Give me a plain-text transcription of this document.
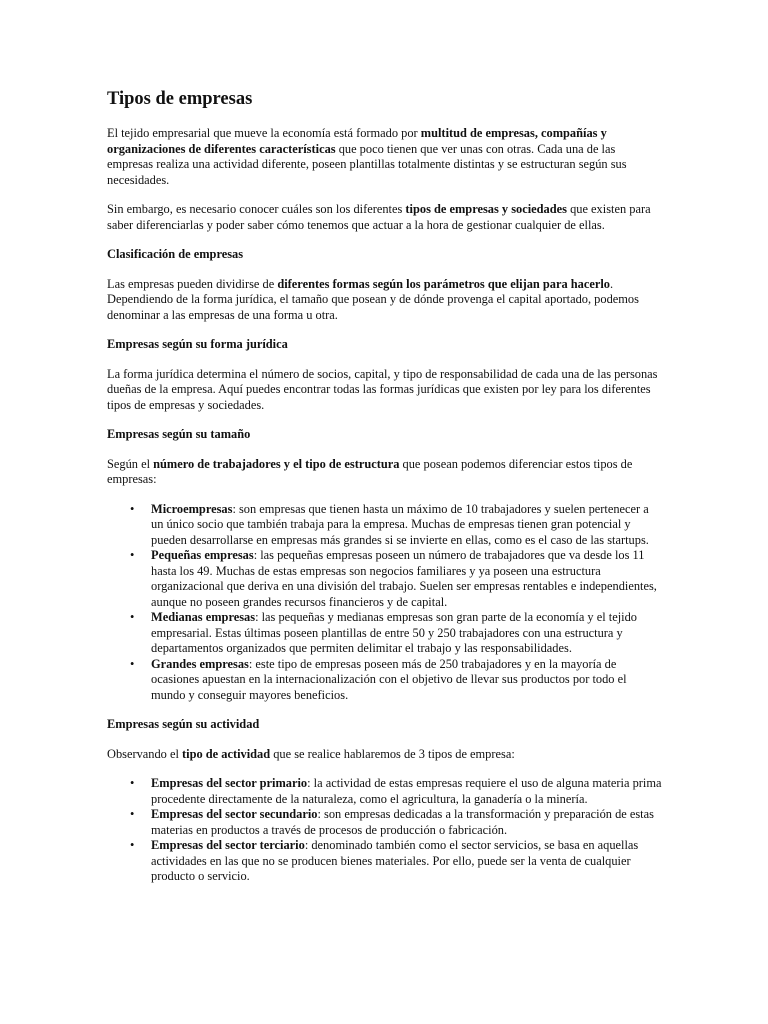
Tipos de empresas

El tejido empresarial que mueve la economía está formado por multitud de empresas, compañías y organizaciones de diferentes características que poco tienen que ver unas con otras. Cada una de las empresas realiza una actividad diferente, poseen plantillas totalmente distintas y se estructuran según sus necesidades.

Sin embargo, es necesario conocer cuáles son los diferentes tipos de empresas y sociedades que existen para saber diferenciarlas y poder saber cómo tenemos que actuar a la hora de gestionar cualquier de ellas.

Clasificación de empresas

Las empresas pueden dividirse de diferentes formas según los parámetros que elijan para hacerlo. Dependiendo de la forma jurídica, el tamaño que posean y de dónde provenga el capital aportado, podemos denominar a las empresas de una forma u otra.

Empresas según su forma jurídica

La forma jurídica determina el número de socios, capital, y tipo de responsabilidad de cada una de las personas dueñas de la empresa. Aquí puedes encontrar todas las formas jurídicas que existen por ley para los diferentes tipos de empresas y sociedades.

Empresas según su tamaño

Según el número de trabajadores y el tipo de estructura que posean podemos diferenciar estos tipos de empresas:

• Microempresas: son empresas que tienen hasta un máximo de 10 trabajadores y suelen pertenecer a un único socio que también trabaja para la empresa. Muchas de empresas tienen gran potencial y pueden desarrollarse en empresas más grandes si se invierte en ellas, como es el caso de las startups.
• Pequeñas empresas: las pequeñas empresas poseen un número de trabajadores que va desde los 11 hasta los 49. Muchas de estas empresas son negocios familiares y ya poseen una estructura organizacional que deriva en una división del trabajo. Suelen ser empresas rentables e independientes, aunque no poseen grandes recursos financieros y de capital.
• Medianas empresas: las pequeñas y medianas empresas son gran parte de la economía y el tejido empresarial. Estas últimas poseen plantillas de entre 50 y 250 trabajadores con una estructura y departamentos organizados que permiten delimitar el trabajo y las responsabilidades.
• Grandes empresas: este tipo de empresas poseen más de 250 trabajadores y en la mayoría de ocasiones apuestan en la internacionalización con el objetivo de llevar sus productos por todo el mundo y conseguir mayores beneficios.
Empresas según su actividad

Observando el tipo de actividad que se realice hablaremos de 3 tipos de empresa:

• Empresas del sector primario: la actividad de estas empresas requiere el uso de alguna materia prima procedente directamente de la naturaleza, como el agricultura, la ganadería o la minería.
• Empresas del sector secundario: son empresas dedicadas a la transformación y preparación de estas materias en productos a través de procesos de producción o fabricación.
• Empresas del sector terciario: denominado también como el sector servicios, se basa en aquellas actividades en las que no se producen bienes materiales. Por ello, puede ser la venta de cualquier producto o servicio.
